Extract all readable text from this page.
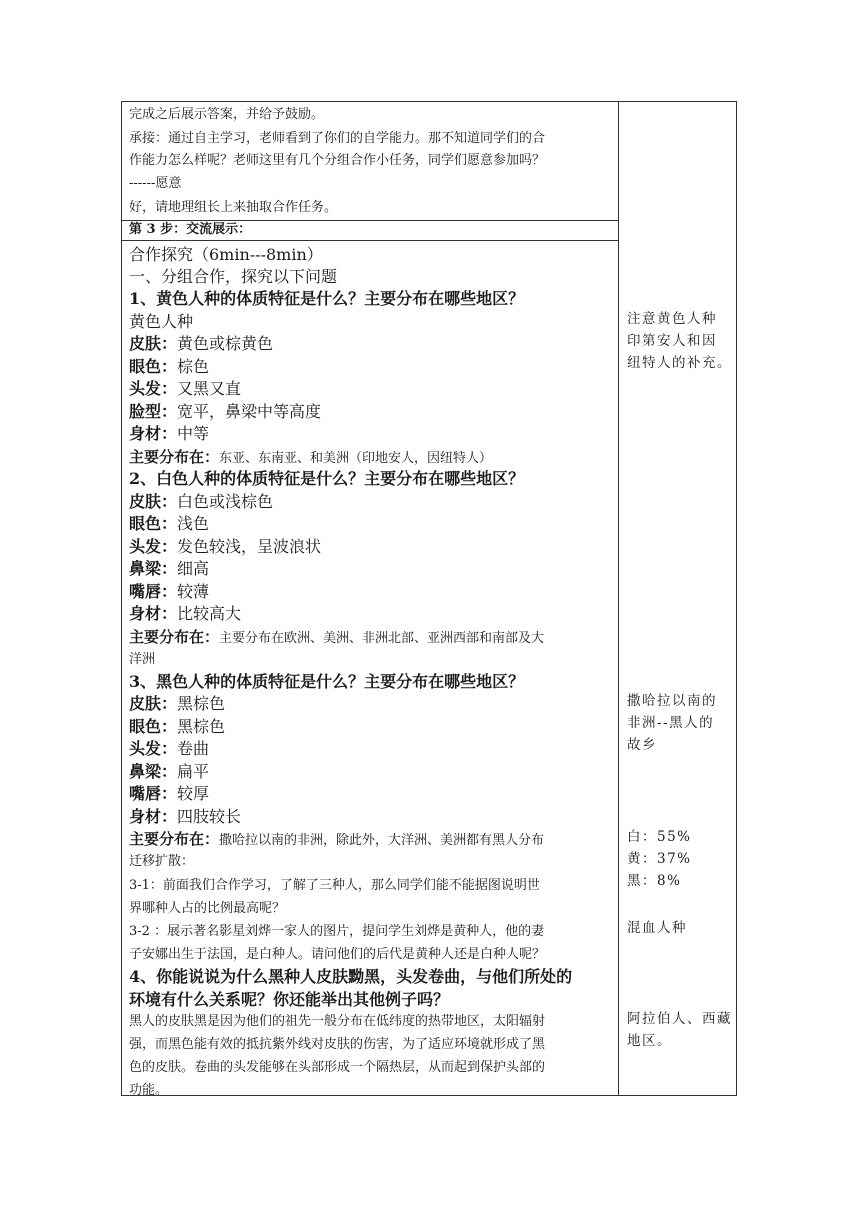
完成之后展示答案，并给予鼓励。
承接：通过自主学习，老师看到了你们的自学能力。那不知道同学们的合
作能力怎么样呢？老师这里有几个分组合作小任务，同学们愿意参加吗？
------愿意
好，请地理组长上来抽取合作任务。
第 3 步：交流展示：
合作探究（6min---8min）
一、分组合作，探究以下问题
1、黄色人种的体质特征是什么？主要分布在哪些地区？
黄色人种
皮肤：黄色或棕黄色
眼色：棕色
头发：又黑又直
脸型：宽平，鼻梁中等高度
身材：中等
主要分布在：东亚、东南亚、和美洲（印地安人，因纽特人）
2、白色人种的体质特征是什么？主要分布在哪些地区？
皮肤：白色或浅棕色
眼色：浅色
头发：发色较浅，呈波浪状
鼻梁：细高
嘴唇：较薄
身材：比较高大
主要分布在：主要分布在欧洲、美洲、非洲北部、亚洲西部和南部及大
洋洲
3、黑色人种的体质特征是什么？主要分布在哪些地区？
皮肤：黑棕色
眼色：黑棕色
头发：卷曲
鼻梁：扁平
嘴唇：较厚
身材：四肢较长
主要分布在：撒哈拉以南的非洲，除此外，大洋洲、美洲都有黑人分布
迁移扩散：
3-1：前面我们合作学习，了解了三种人，那么同学们能不能据图说明世
界哪种人占的比例最高呢？
3-2 ：展示著名影星刘烨一家人的图片，提问学生刘烨是黄种人，他的妻
子安娜出生于法国，是白种人。请问他们的后代是黄种人还是白种人呢？
4、你能说说为什么黑种人皮肤黝黑，头发卷曲，与他们所处的
环境有什么关系呢？你还能举出其他例子吗？
黑人的皮肤黑是因为他们的祖先一般分布在低纬度的热带地区，太阳辐射
强，而黑色能有效的抵抗紫外线对皮肤的伤害，为了适应环境就形成了黑
色的皮肤。卷曲的头发能够在头部形成一个隔热层，从而起到保护头部的
功能。
注意黄色人种
印第安人和因
纽特人的补充。
撒哈拉以南的
非洲--黑人的
故乡
白：55%
黄：37%
黑：8%
混血人种
阿拉伯人、西藏
地区。
